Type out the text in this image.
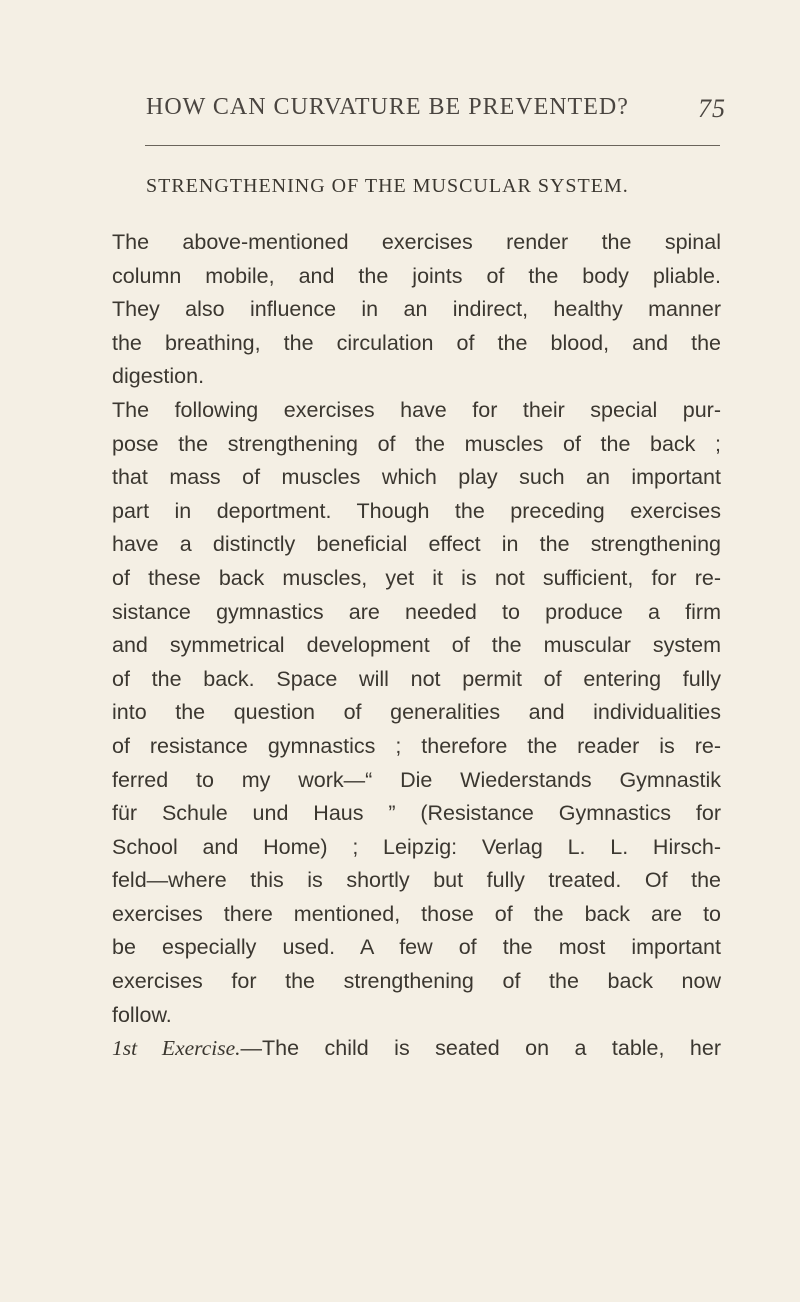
HOW CAN CURVATURE BE PREVENTED?	75
STRENGTHENING OF THE MUSCULAR SYSTEM.

The above-mentioned exercises render the spinal
column mobile, and the joints of the body pliable.
They also influence in an indirect, healthy manner
the breathing, the circulation of the blood, and the
digestion.

The following exercises have for their special pur-
pose the strengthening of the muscles of the back ;
that mass of muscles which play such an important
part in deportment. Though the preceding exercises
have a distinctly beneficial effect in the strengthening
of these back muscles, yet it is not sufficient, for re-
sistance gymnastics are needed to produce a firm
and symmetrical development of the muscular system
of the back. Space will not permit of entering fully
into the question of generalities and individualities
of resistance gymnastics ; therefore the reader is re-
ferred to my work—“ Die Wiederstands Gymnastik
für Schule und Haus ” (Resistance Gymnastics for
School and Home) ; Leipzig: Verlag L. L. Hirsch-
feld—where this is shortly but fully treated. Of the
exercises there mentioned, those of the back are to
be especially used. A few of the most important
exercises for the strengthening of the back now
follow.

1st Exercise.—The child is seated on a table, her
